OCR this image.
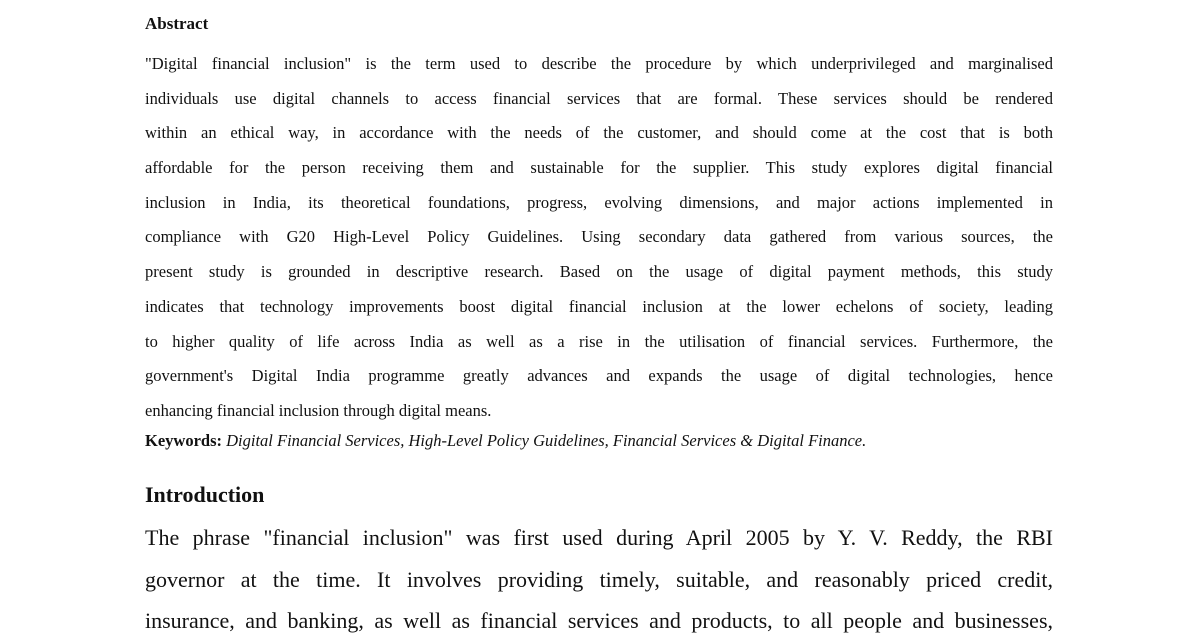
Abstract
"Digital financial inclusion" is the term used to describe the procedure by which underprivileged and marginalised
individuals use digital channels to access financial services that are formal. These services should be rendered
within an ethical way, in accordance with the needs of the customer, and should come at the cost that is both
affordable for the person receiving them and sustainable for the supplier. This study explores digital financial
inclusion in India, its theoretical foundations, progress, evolving dimensions, and major actions implemented in
compliance with G20 High-Level Policy Guidelines. Using secondary data gathered from various sources, the
present study is grounded in descriptive research. Based on the usage of digital payment methods, this study
indicates that technology improvements boost digital financial inclusion at the lower echelons of society, leading
to higher quality of life across India as well as a rise in the utilisation of financial services. Furthermore, the
government's Digital India programme greatly advances and expands the usage of digital technologies, hence
enhancing financial inclusion through digital means.

Keywords: Digital Financial Services, High-Level Policy Guidelines, Financial Services & Digital Finance.

Introduction
The phrase "financial inclusion" was first used during April 2005 by Y. V. Reddy, the RBI
governor at the time. It involves providing timely, suitable, and reasonably priced credit,
insurance, and banking, as well as financial services and products, to all people and businesses,
